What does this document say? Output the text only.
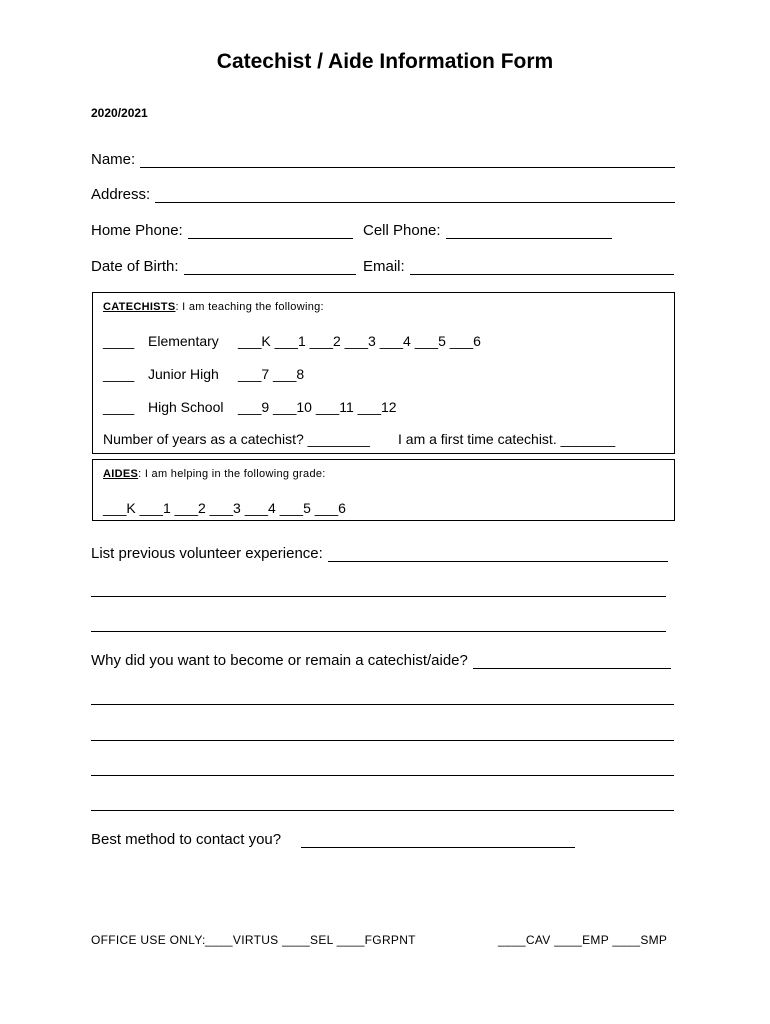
Catechist / Aide Information Form
2020/2021
Name:
Address:
Home Phone:	Cell Phone:
Date of Birth:	Email:
CATECHISTS: I am teaching the following:
____ Elementary ___K ___1 ___2 ___3 ___4 ___5 ___6
____ Junior High ___7 ___8
____ High School ___9 ___10 ___11 ___12
Number of years as a catechist? ________ I am a first time catechist. _______
AIDES: I am helping in the following grade:
___K ___1 ___2 ___3 ___4 ___5 ___6
List previous volunteer experience:
Why did you want to become or remain a catechist/aide?
Best method to contact you?
OFFICE USE ONLY: ____VIRTUS ____SEL ____FGRPNT	____CAV ____EMP ____SMP
